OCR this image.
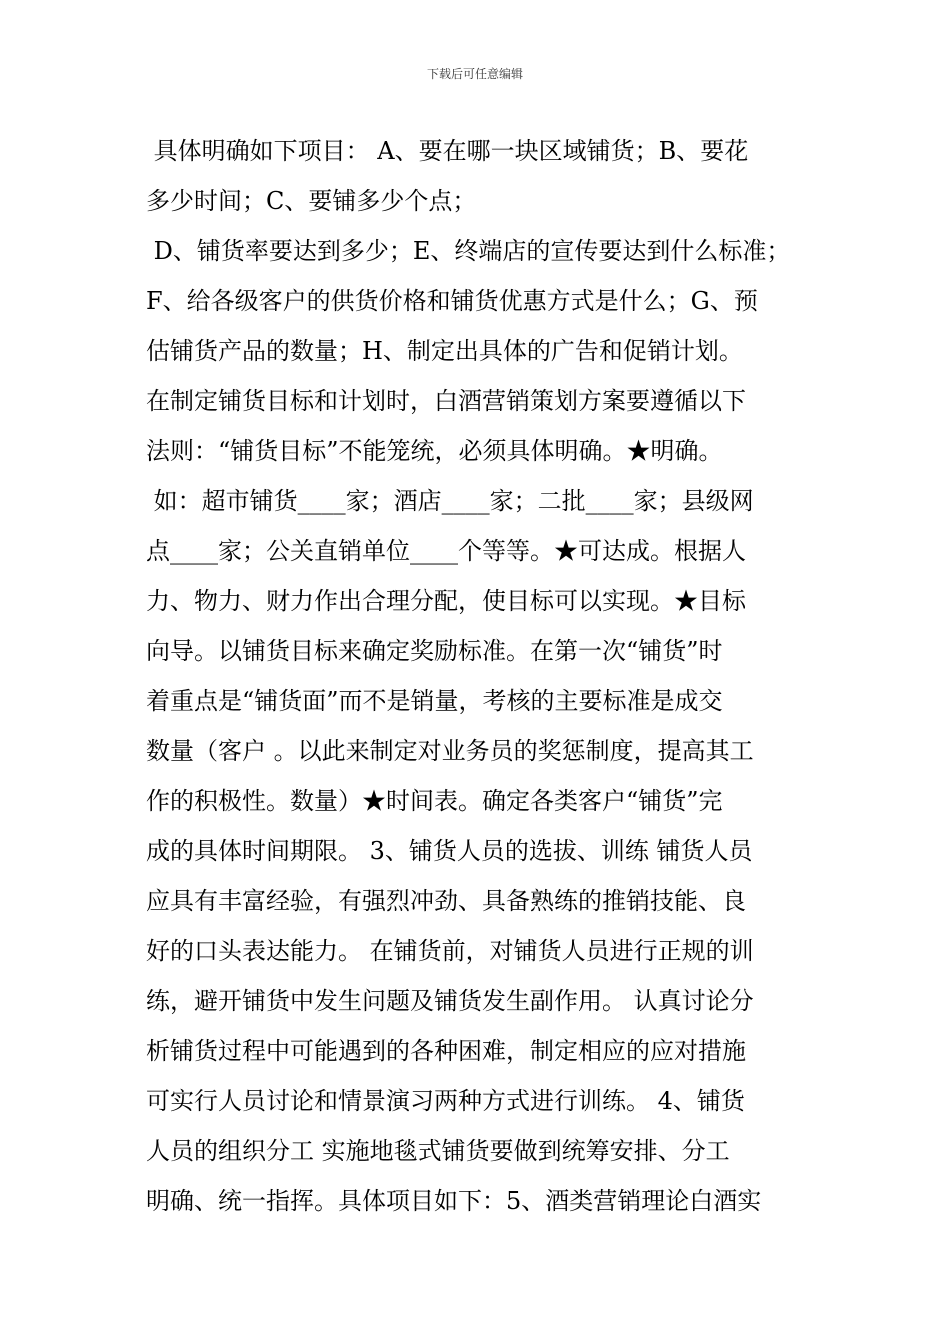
下载后可任意编辑
具体明确如下项目： A、要在哪一块区域铺货；B、要花
多少时间；C、要铺多少个点；
D、铺货率要达到多少；E、终端店的宣传要达到什么标准；
F、给各级客户的供货价格和铺货优惠方式是什么；G、预
估铺货产品的数量；H、制定出具体的广告和促销计划。
在制定铺货目标和计划时，白酒营销策划方案要遵循以下
法则：“铺货目标”不能笼统，必须具体明确。★明确。
如：超市铺货____家；酒店____家；二批____家；县级网
点____家；公关直销单位____个等等。★可达成。根据人
力、物力、财力作出合理分配，使目标可以实现。★目标
向导。以铺货目标来确定奖励标准。在第一次“铺货”时
着重点是“铺货面”而不是销量，考核的主要标准是成交
数量（客户 。以此来制定对业务员的奖惩制度，提高其工
作的积极性。数量）★时间表。确定各类客户“铺货”完
成的具体时间期限。 3、铺货人员的选拔、训练 铺货人员
应具有丰富经验，有强烈冲劲、具备熟练的推销技能、良
好的口头表达能力。 在铺货前，对铺货人员进行正规的训
练，避开铺货中发生问题及铺货发生副作用。 认真讨论分
析铺货过程中可能遇到的各种困难，制定相应的应对措施
可实行人员讨论和情景演习两种方式进行训练。 4、铺货
人员的组织分工 实施地毯式铺货要做到统筹安排、分工
明确、统一指挥。具体项目如下：5、酒类营销理论白酒实
